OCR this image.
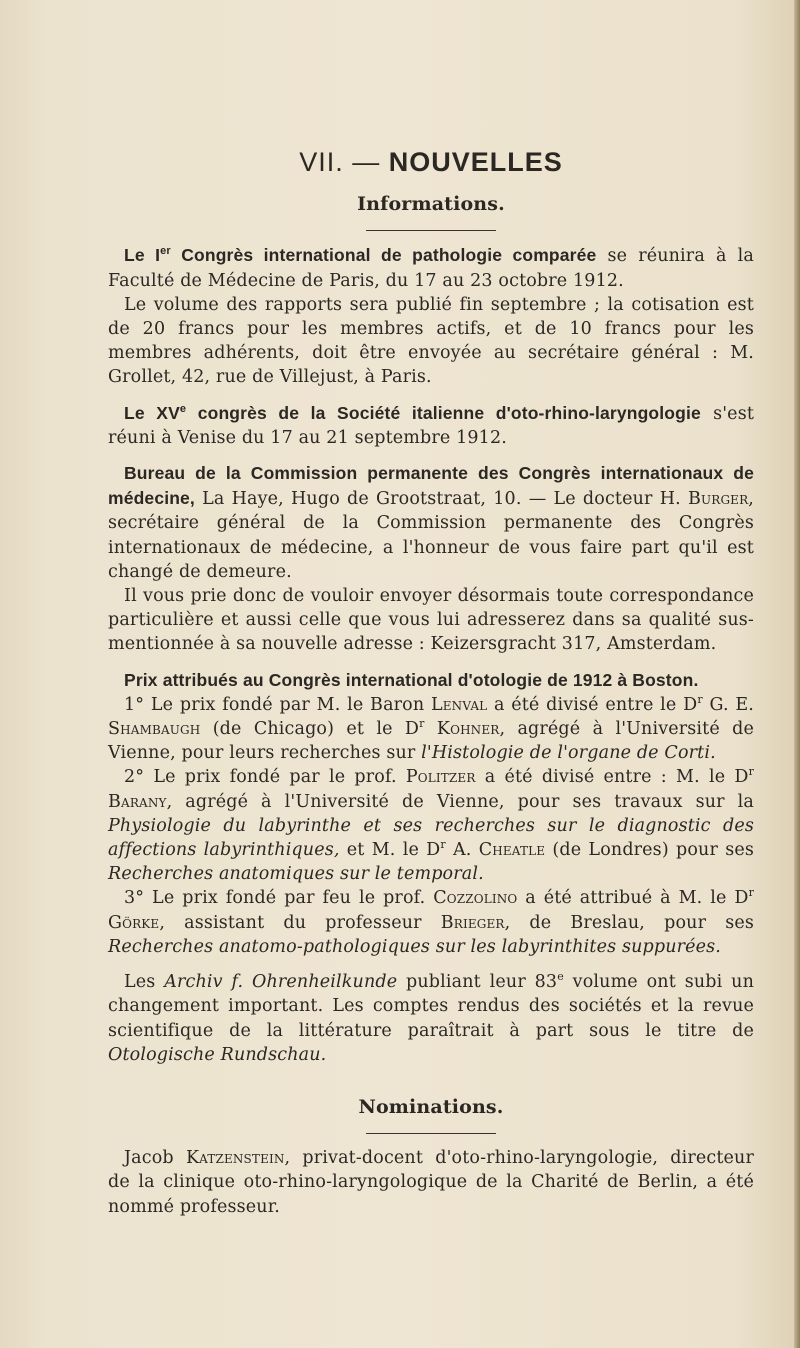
VII. — NOUVELLES
Informations.

Le Ier Congrès international de pathologie comparée se réunira à la Faculté de Médecine de Paris, du 17 au 23 octobre 1912.

Le volume des rapports sera publié fin septembre ; la cotisation est de 20 francs pour les membres actifs, et de 10 francs pour les membres adhérents, doit être envoyée au secrétaire général : M. Grollet, 42, rue de Villejust, à Paris.

Le XVe congrès de la Société italienne d'oto-rhino-laryngologie s'est réuni à Venise du 17 au 21 septembre 1912.

Bureau de la Commission permanente des Congrès internationaux de médecine, La Haye, Hugo de Grootstraat, 10. — Le docteur H. Burger, secrétaire général de la Commission permanente des Congrès internationaux de médecine, a l'honneur de vous faire part qu'il est changé de demeure.

Il vous prie donc de vouloir envoyer désormais toute correspondance particulière et aussi celle que vous lui adresserez dans sa qualité sus-mentionnée à sa nouvelle adresse : Keizersgracht 317, Amsterdam.

Prix attribués au Congrès international d'otologie de 1912 à Boston.

1° Le prix fondé par M. le Baron Lenval a été divisé entre le $D^r$ G. E. Shambaugh (de Chicago) et le $D^r$ Kohner, agrégé à l'Université de Vienne, pour leurs recherches sur l'Histologie de l'organe de Corti.

2° Le prix fondé par le prof. Politzer a été divisé entre : M. le $D^r$ Barany, agrégé à l'Université de Vienne, pour ses travaux sur la Physiologie du labyrinthe et ses recherches sur le diagnostic des affections labyrinthiques, et M. le $D^r$ A. Cheatle (de Londres) pour ses Recherches anatomiques sur le temporal.

3° Le prix fondé par feu le prof. Cozzolino a été attribué à M. le $D^r$ Görke, assistant du professeur Brieger, de Breslau, pour ses Recherches anatomo-pathologiques sur les labyrinthites suppurées.

Les Archiv f. Ohrenheilkunde publiant leur 83e volume ont subi un changement important. Les comptes rendus des sociétés et la revue scientifique de la littérature paraîtrait à part sous le titre de Otologische Rundschau.

Nominations.

Jacob Katzenstein, privat-docent d'oto-rhino-laryngologie, directeur de la clinique oto-rhino-laryngologique de la Charité de Berlin, a été nommé professeur.
